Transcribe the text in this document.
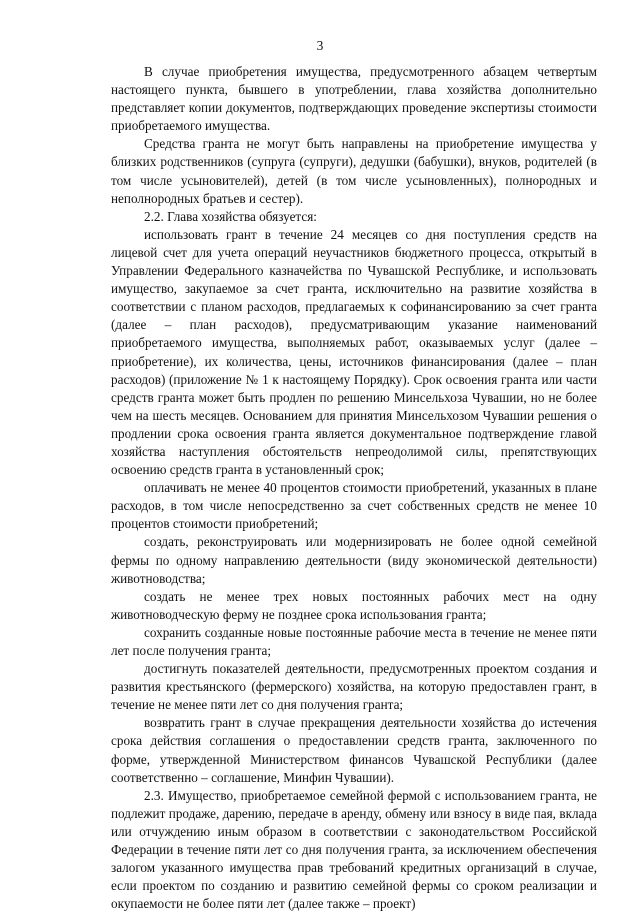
3

В случае приобретения имущества, предусмотренного абзацем четвертым настоящего пункта, бывшего в употреблении, глава хозяйства дополнительно представляет копии документов, подтверждающих проведение экспертизы стоимости приобретаемого имущества.

Средства гранта не могут быть направлены на приобретение имущества у близких родственников (супруга (супруги), дедушки (бабушки), внуков, родителей (в том числе усыновителей), детей (в том числе усыновленных), полнородных и неполнородных братьев и сестер).

2.2. Глава хозяйства обязуется:

использовать грант в течение 24 месяцев со дня поступления средств на лицевой счет для учета операций неучастников бюджетного процесса, открытый в Управлении Федерального казначейства по Чувашской Республике, и использовать имущество, закупаемое за счет гранта, исключительно на развитие хозяйства в соответствии с планом расходов, предлагаемых к софинансированию за счет гранта (далее – план расходов), предусматривающим указание наименований приобретаемого имущества, выполняемых работ, оказываемых услуг (далее – приобретение), их количества, цены, источников финансирования (далее – план расходов) (приложение № 1 к настоящему Порядку). Срок освоения гранта или части средств гранта может быть продлен по решению Минсельхоза Чувашии, но не более чем на шесть месяцев. Основанием для принятия Минсельхозом Чувашии решения о продлении срока освоения гранта является документальное подтверждение главой хозяйства наступления обстоятельств непреодолимой силы, препятствующих освоению средств гранта в установленный срок;

оплачивать не менее 40 процентов стоимости приобретений, указанных в плане расходов, в том числе непосредственно за счет собственных средств не менее 10 процентов стоимости приобретений;

создать, реконструировать или модернизировать не более одной семейной фермы по одному направлению деятельности (виду экономической деятельности) животноводства;

создать не менее трех новых постоянных рабочих мест на одну животноводческую ферму не позднее срока использования гранта;

сохранить созданные новые постоянные рабочие места в течение не менее пяти лет после получения гранта;

достигнуть показателей деятельности, предусмотренных проектом создания и развития крестьянского (фермерского) хозяйства, на которую предоставлен грант, в течение не менее пяти лет со дня получения гранта;

возвратить грант в случае прекращения деятельности хозяйства до истечения срока действия соглашения о предоставлении средств гранта, заключенного по форме, утвержденной Министерством финансов Чувашской Республики (далее соответственно – соглашение, Минфин Чувашии).

2.3. Имущество, приобретаемое семейной фермой с использованием гранта, не подлежит продаже, дарению, передаче в аренду, обмену или взносу в виде пая, вклада или отчуждению иным образом в соответствии с законодательством Российской Федерации в течение пяти лет со дня получения гранта, за исключением обеспечения залогом указанного имущества прав требований кредитных организаций в случае, если проектом по созданию и развитию семейной фермы со сроком реализации и окупаемости не более пяти лет (далее также – проект)
